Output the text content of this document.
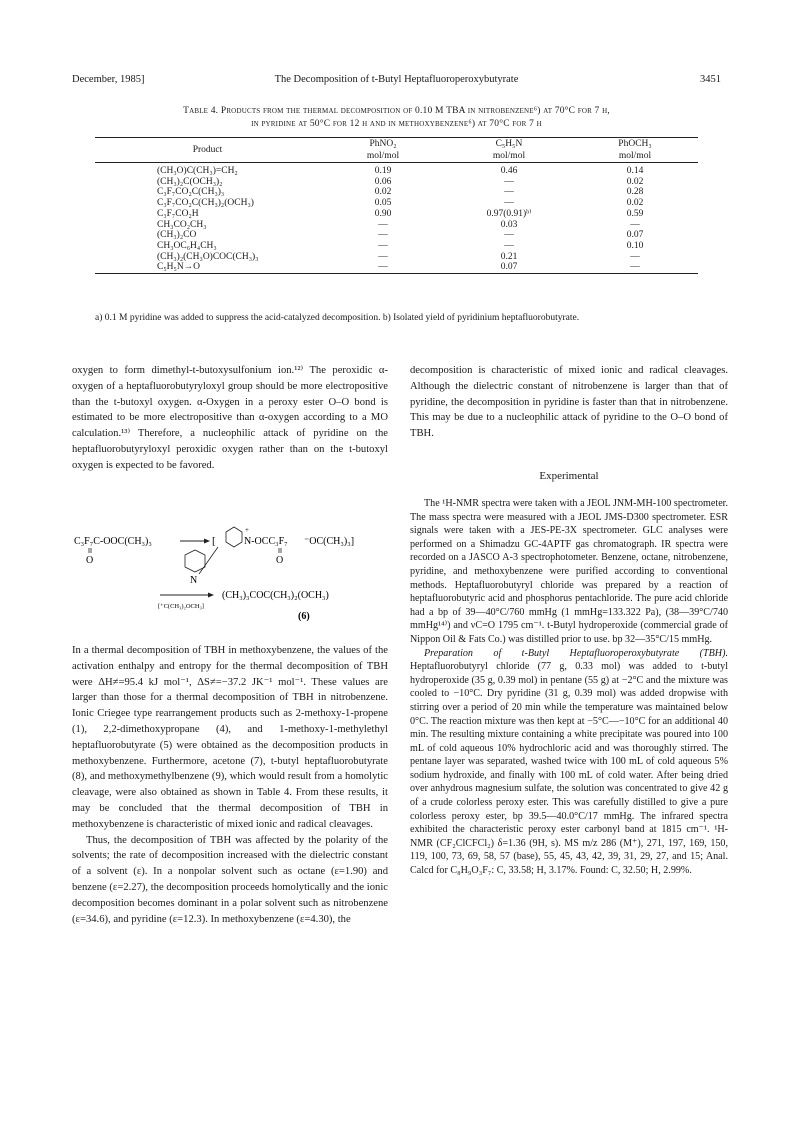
December, 1985]	The Decomposition of t-Butyl Heptafluoroperoxybutyrate	3451
Table 4. Products from the thermal decomposition of 0.10 M TBA in nitrobenzene⁶) at 70°C for 7 h,
in pyridine at 50°C for 12 h and in methoxybenzene⁶) at 70°C for 7 h
Product	PhNO₂	C₅H₅N	PhOCH₃
	mol/mol	mol/mol	mol/mol
(CH₃O)C(CH₃)=CH₂	0.19	0.46	0.14
(CH₃)₂C(OCH₃)₂	0.06	—	0.02
C₃F₇CO₂C(CH₃)₃	0.02	—	0.28
C₃F₇CO₂C(CH₃)₂(OCH₃)	0.05	—	0.02
C₃F₇CO₂H	0.90	0.97(0.91)ᵇ⁾	0.59
CH₃CO₂CH₃	—	0.03	—
(CH₃)₂CO	—	—	0.07
CH₃OC₆H₄CH₃	—	—	0.10
(CH₃)₂(CH₃O)COC(CH₃)₃	—	0.21	—
C₅H₅N→O	—	0.07	—
a) 0.1 M pyridine was added to suppress the acid-catalyzed decomposition. b) Isolated yield of pyridinium heptafluorobutyrate.

oxygen to form dimethyl-t-butoxysulfonium ion.¹²⁾ The peroxidic α-oxygen of a heptafluorobutyryloxyl group should be more electropositive than the t-butoxyl oxygen. α-Oxygen in a peroxy ester O–O bond is estimated to be more electropositive than α-oxygen according to a MO calculation.¹³⁾ Therefore, a nucleophilic attack of pyridine on the heptafluorobutyryloxyl peroxidic oxygen rather than on the t-butoxyl oxygen is expected to be favored.

C₃F₇C-OOC(CH₃)₃
O
[
+
N-OCC₃F₇
O
⁻OC(CH₃)₃]
N
[⁺C(CH₃)₂OCH₃]
(CH₃)₃COC(CH₃)₂(OCH₃)
(6)

In a thermal decomposition of TBH in methoxybenzene, the values of the activation enthalpy and entropy for the thermal decomposition of TBH were ΔH≠=95.4 kJ mol⁻¹, ΔS≠=−37.2 JK⁻¹ mol⁻¹. These values are larger than those for a thermal decomposition of TBH in nitrobenzene. Ionic Criegee type rearrangement products such as 2-methoxy-1-propene (1), 2,2-dimethoxypropane (4), and 1-methoxy-1-methylethyl heptafluorobutyrate (5) were obtained as the decomposition products in methoxybenzene. Furthermore, acetone (7), t-butyl heptafluorobutyrate (8), and methoxymethylbenzene (9), which would result from a homolytic cleavage, were also obtained as shown in Table 4. From these results, it may be concluded that the thermal decomposition of TBH in methoxybenzene is characteristic of mixed ionic and radical cleavages.

Thus, the decomposition of TBH was affected by the polarity of the solvents; the rate of decomposition increased with the dielectric constant of a solvent (ε). In a nonpolar solvent such as octane (ε=1.90) and benzene (ε=2.27), the decomposition proceeds homolytically and the ionic decomposition becomes dominant in a polar solvent such as nitrobenzene (ε=34.6), and pyridine (ε=12.3). In methoxybenzene (ε=4.30), the

decomposition is characteristic of mixed ionic and radical cleavages. Although the dielectric constant of nitrobenzene is larger than that of pyridine, the decomposition in pyridine is faster than that in nitrobenzene. This may be due to a nucleophilic attack of pyridine to the O–O bond of TBH.

Experimental

The ¹H-NMR spectra were taken with a JEOL JNM-MH-100 spectrometer. The mass spectra were measured with a JEOL JMS-D300 spectrometer. ESR signals were taken with a JES-PE-3X spectrometer. GLC analyses were performed on a Shimadzu GC-4APTF gas chromatograph. IR spectra were recorded on a JASCO A-3 spectrophotometer. Benzene, octane, nitrobenzene, pyridine, and methoxybenzene were purified according to conventional methods. Heptafluorobutyryl chloride was prepared by a reaction of heptafluorobutyric acid and phosphorus pentachloride. The pure acid chloride had a bp of 39—40°C/760 mmHg (1 mmHg=133.322 Pa), (38—39°C/740 mmHg¹⁴⁾) and νC=O 1795 cm⁻¹. t-Butyl hydroperoxide (commercial grade of Nippon Oil & Fats Co.) was distilled prior to use. bp 32—35°C/15 mmHg.

Preparation of t-Butyl Heptafluoroperoxybutyrate (TBH). Heptafluorobutyryl chloride (77 g, 0.33 mol) was added to t-butyl hydroperoxide (35 g, 0.39 mol) in pentane (55 g) at −2°C and the mixture was cooled to −10°C. Dry pyridine (31 g, 0.39 mol) was added dropwise with stirring over a period of 20 min while the temperature was maintained below 0°C. The reaction mixture was then kept at −5°C—−10°C for an additional 40 min. The resulting mixture containing a white precipitate was poured into 100 mL of cold aqueous 10% hydrochloric acid and was thoroughly stirred. The pentane layer was separated, washed twice with 100 mL of cold aqueous 5% sodium hydroxide, and finally with 100 mL of cold water. After being dried over anhydrous magnesium sulfate, the solution was concentrated to give 42 g of a crude colorless peroxy ester. This was carefully distilled to give a pure colorless peroxy ester, bp 39.5—40.0°C/17 mmHg. The infrared spectra exhibited the characteristic peroxy ester carbonyl band at 1815 cm⁻¹. ¹H-NMR (CF₂ClCFCl₂) δ=1.36 (9H, s). MS m/z 286 (M⁺), 271, 197, 169, 150, 119, 100, 73, 69, 58, 57 (base), 55, 45, 43, 42, 39, 31, 29, 27, and 15; Anal. Calcd for C₈H₉O₃F₇: C, 33.58; H, 3.17%. Found: C, 32.50; H, 2.99%.
